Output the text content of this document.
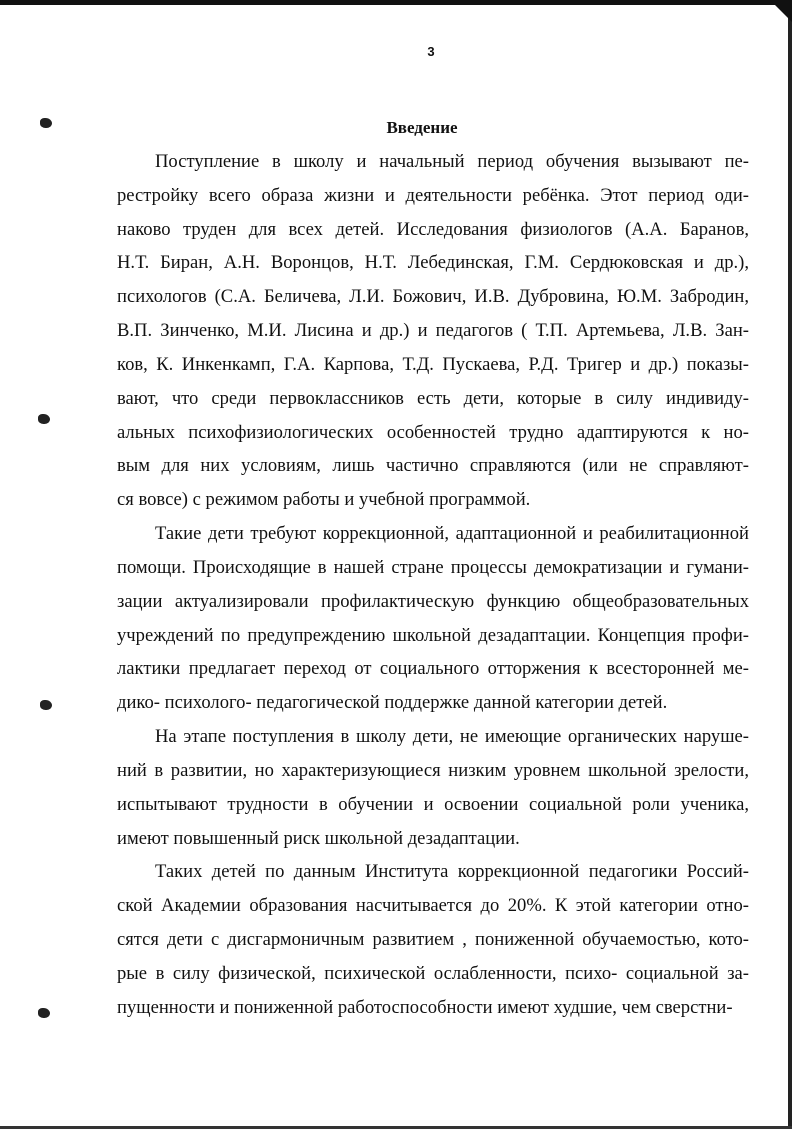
3
Введение
Поступление в школу и начальный период обучения вызывают пе-
рестройку всего образа жизни и деятельности ребёнка. Этот период оди-
наково труден для всех детей. Исследования физиологов (А.А. Баранов,
Н.Т. Биран, А.Н. Воронцов, Н.Т. Лебединская, Г.М. Сердюковская и др.),
психологов (С.А. Беличева, Л.И. Божович, И.В. Дубровина, Ю.М. Забродин,
В.П. Зинченко, М.И. Лисина и др.) и педагогов ( Т.П. Артемьева, Л.В. Зан-
ков, К. Инкенкамп, Г.А. Карпова, Т.Д. Пускаева, Р.Д. Тригер и др.) показы-
вают, что среди первоклассников есть дети, которые в силу индивиду-
альных психофизиологических особенностей трудно адаптируются к но-
вым для них условиям, лишь частично справляются (или не справляют-
ся вовсе) с режимом работы и учебной программой.
Такие дети требуют коррекционной, адаптационной и реабилитационной
помощи. Происходящие в нашей стране процессы демократизации и гумани-
зации актуализировали профилактическую функцию общеобразовательных
учреждений по предупреждению школьной дезадаптации. Концепция профи-
лактики предлагает переход от социального отторжения к всесторонней ме-
дико- психолого- педагогической поддержке данной категории детей.
На этапе поступления в школу дети, не имеющие органических наруше-
ний в развитии, но характеризующиеся низким уровнем школьной зрелости,
испытывают трудности в обучении и освоении социальной роли ученика,
имеют повышенный риск школьной дезадаптации.
Таких детей по данным Института коррекционной педагогики Россий-
ской Академии образования насчитывается до 20%. К этой категории отно-
сятся дети с дисгармоничным развитием , пониженной обучаемостью, кото-
рые в силу физической, психической ослабленности, психо- социальной за-
пущенности и пониженной работоспособности имеют худшие, чем сверстни-
